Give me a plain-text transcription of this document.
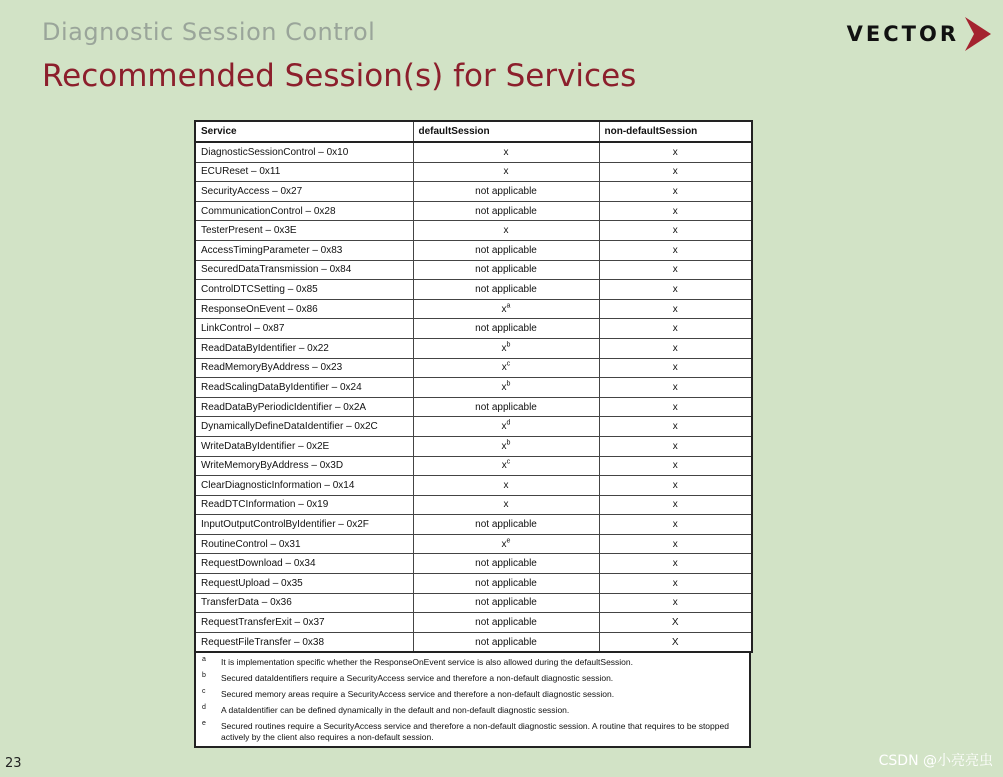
Diagnostic Session Control
Recommended Session(s) for Services
VECTOR
Service	defaultSession	non-defaultSession
DiagnosticSessionControl – 0x10	x	x
ECUReset – 0x11	x	x
SecurityAccess – 0x27	not applicable	x
CommunicationControl – 0x28	not applicable	x
TesterPresent – 0x3E	x	x
AccessTimingParameter – 0x83	not applicable	x
SecuredDataTransmission – 0x84	not applicable	x
ControlDTCSetting – 0x85	not applicable	x
ResponseOnEvent – 0x86	$x^a$	x
LinkControl – 0x87	not applicable	x
ReadDataByIdentifier – 0x22	$x^b$	x
ReadMemoryByAddress – 0x23	$x^c$	x
ReadScalingDataByIdentifier – 0x24	$x^b$	x
ReadDataByPeriodicIdentifier – 0x2A	not applicable	x
DynamicallyDefineDataIdentifier – 0x2C	$x^d$	x
WriteDataByIdentifier – 0x2E	$x^b$	x
WriteMemoryByAddress – 0x3D	$x^c$	x
ClearDiagnosticInformation – 0x14	x	x
ReadDTCInformation – 0x19	x	x
InputOutputControlByIdentifier – 0x2F	not applicable	x
RoutineControl – 0x31	$x^e$	x
RequestDownload – 0x34	not applicable	x
RequestUpload – 0x35	not applicable	x
TransferData – 0x36	not applicable	x
RequestTransferExit – 0x37	not applicable	X
RequestFileTransfer – 0x38	not applicable	X
a	It is implementation specific whether the ResponseOnEvent service is also allowed during the defaultSession.
b	Secured dataIdentifiers require a SecurityAccess service and therefore a non-default diagnostic session.
c	Secured memory areas require a SecurityAccess service and therefore a non-default diagnostic session.
d	A dataIdentifier can be defined dynamically in the default and non-default diagnostic session.
e	Secured routines require a SecurityAccess service and therefore a non-default diagnostic session. A routine that requires to be stopped actively by the client also requires a non-default session.
23	CSDN @小亮亮虫
